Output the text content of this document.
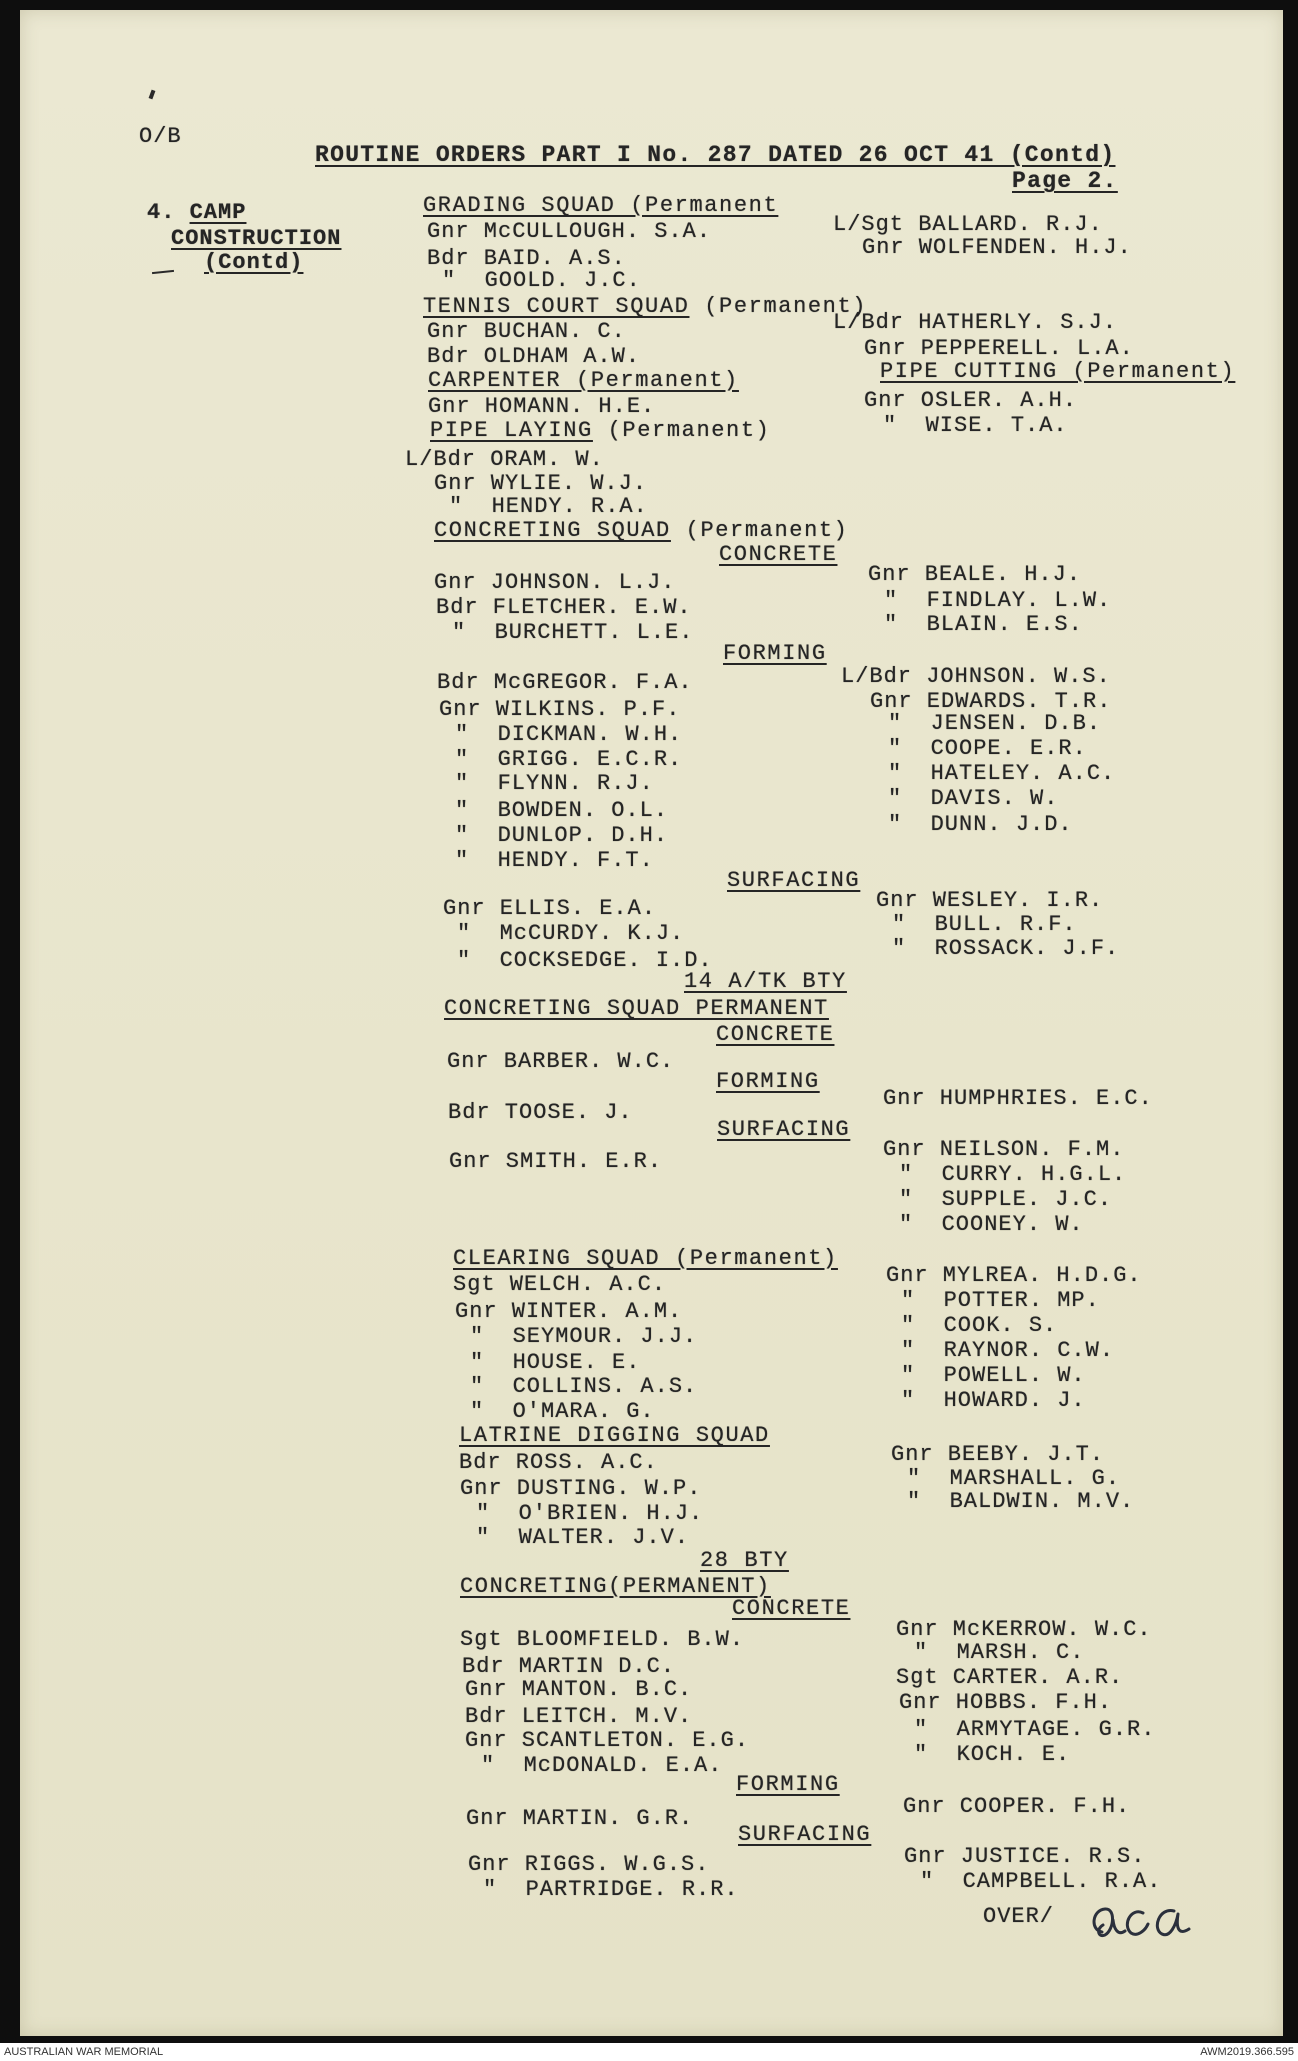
O/B
ROUTINE ORDERS PART I No. 287 DATED 26 OCT 41 (Contd)
Page 2.
4. CAMP
CONSTRUCTION
(Contd)
GRADING SQUAD (Permanent
Gnr McCULLOUGH. S.A.
Bdr BAID. A.S.
"  GOOLD. J.C.
TENNIS COURT SQUAD (Permanent)
Gnr BUCHAN. C.
Bdr OLDHAM A.W.
CARPENTER (Permanent)
Gnr HOMANN. H.E.
PIPE LAYING (Permanent)
L/Bdr ORAM. W.
Gnr WYLIE. W.J.
"  HENDY. R.A.
CONCRETING SQUAD (Permanent)
CONCRETE
Gnr JOHNSON. L.J.
Bdr FLETCHER. E.W.
"  BURCHETT. L.E.
FORMING
Bdr McGREGOR. F.A.
Gnr WILKINS. P.F.
"  DICKMAN. W.H.
"  GRIGG. E.C.R.
"  FLYNN. R.J.
"  BOWDEN. O.L.
"  DUNLOP. D.H.
"  HENDY. F.T.
SURFACING
Gnr ELLIS. E.A.
"  McCURDY. K.J.
"  COCKSEDGE. I.D.
14 A/TK BTY
CONCRETING SQUAD PERMANENT
CONCRETE
Gnr BARBER. W.C.
FORMING
Bdr TOOSE. J.
SURFACING
Gnr SMITH. E.R.
CLEARING SQUAD (Permanent)
Sgt WELCH. A.C.
Gnr WINTER. A.M.
"  SEYMOUR. J.J.
"  HOUSE. E.
"  COLLINS. A.S.
"  O'MARA. G.
LATRINE DIGGING SQUAD
Bdr ROSS. A.C.
Gnr DUSTING. W.P.
"  O'BRIEN. H.J.
"  WALTER. J.V.
28 BTY
CONCRETING(PERMANENT)
CONCRETE
Sgt BLOOMFIELD. B.W.
Bdr MARTIN D.C.
Gnr MANTON. B.C.
Bdr LEITCH. M.V.
Gnr SCANTLETON. E.G.
"  McDONALD. E.A.
FORMING
Gnr MARTIN. G.R.
SURFACING
Gnr RIGGS. W.G.S.
"  PARTRIDGE. R.R.
L/Sgt BALLARD. R.J.
Gnr WOLFENDEN. H.J.
L/Bdr HATHERLY. S.J.
Gnr PEPPERELL. L.A.
PIPE CUTTING (Permanent)
Gnr OSLER. A.H.
"  WISE. T.A.
Gnr BEALE. H.J.
"  FINDLAY. L.W.
"  BLAIN. E.S.
L/Bdr JOHNSON. W.S.
Gnr EDWARDS. T.R.
"  JENSEN. D.B.
"  COOPE. E.R.
"  HATELEY. A.C.
"  DAVIS. W.
"  DUNN. J.D.
Gnr WESLEY. I.R.
"  BULL. R.F.
"  ROSSACK. J.F.
Gnr HUMPHRIES. E.C.
Gnr NEILSON. F.M.
"  CURRY. H.G.L.
"  SUPPLE. J.C.
"  COONEY. W.
Gnr MYLREA. H.D.G.
"  POTTER. MP.
"  COOK. S.
"  RAYNOR. C.W.
"  POWELL. W.
"  HOWARD. J.
Gnr BEEBY. J.T.
"  MARSHALL. G.
"  BALDWIN. M.V.
Gnr McKERROW. W.C.
"  MARSH. C.
Sgt CARTER. A.R.
Gnr HOBBS. F.H.
"  ARMYTAGE. G.R.
"  KOCH. E.
Gnr COOPER. F.H.
Gnr JUSTICE. R.S.
"  CAMPBELL. R.A.
OVER/
AUSTRALIAN WAR MEMORIAL	AWM2019.366.595
